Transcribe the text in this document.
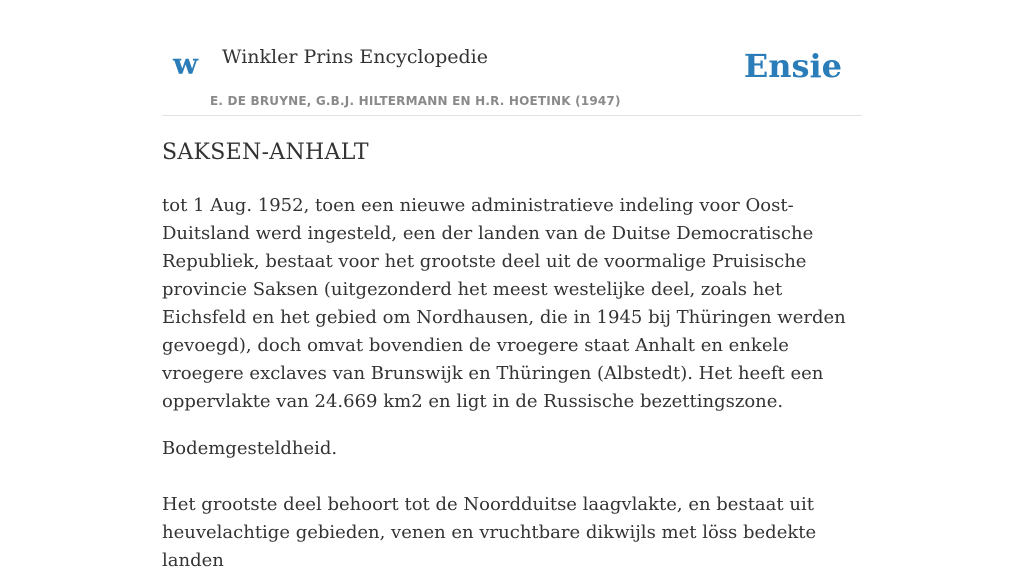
w Winkler Prins Encyclopedie
E. DE BRUYNE, G.B.J. HILTERMANN EN H.R. HOETINK (1947)
Ensie
SAKSEN-ANHALT

tot 1 Aug. 1952, toen een nieuwe administratieve indeling voor Oost-Duitsland werd ingesteld, een der landen van de Duitse Democratische Republiek, bestaat voor het grootste deel uit de voormalige Pruisische provincie Saksen (uitgezonderd het meest westelijke deel, zoals het Eichsfeld en het gebied om Nordhausen, die in 1945 bij Thüringen werden gevoegd), doch omvat bovendien de vroegere staat Anhalt en enkele vroegere exclaves van Brunswijk en Thüringen (Albstedt). Het heeft een oppervlakte van 24.669 km2 en ligt in de Russische bezettingszone.

Bodemgesteldheid.

Het grootste deel behoort tot de Noordduitse laagvlakte, en bestaat uit heuvelachtige gebieden, venen en vruchtbare dikwijls met löss bedekte landen
